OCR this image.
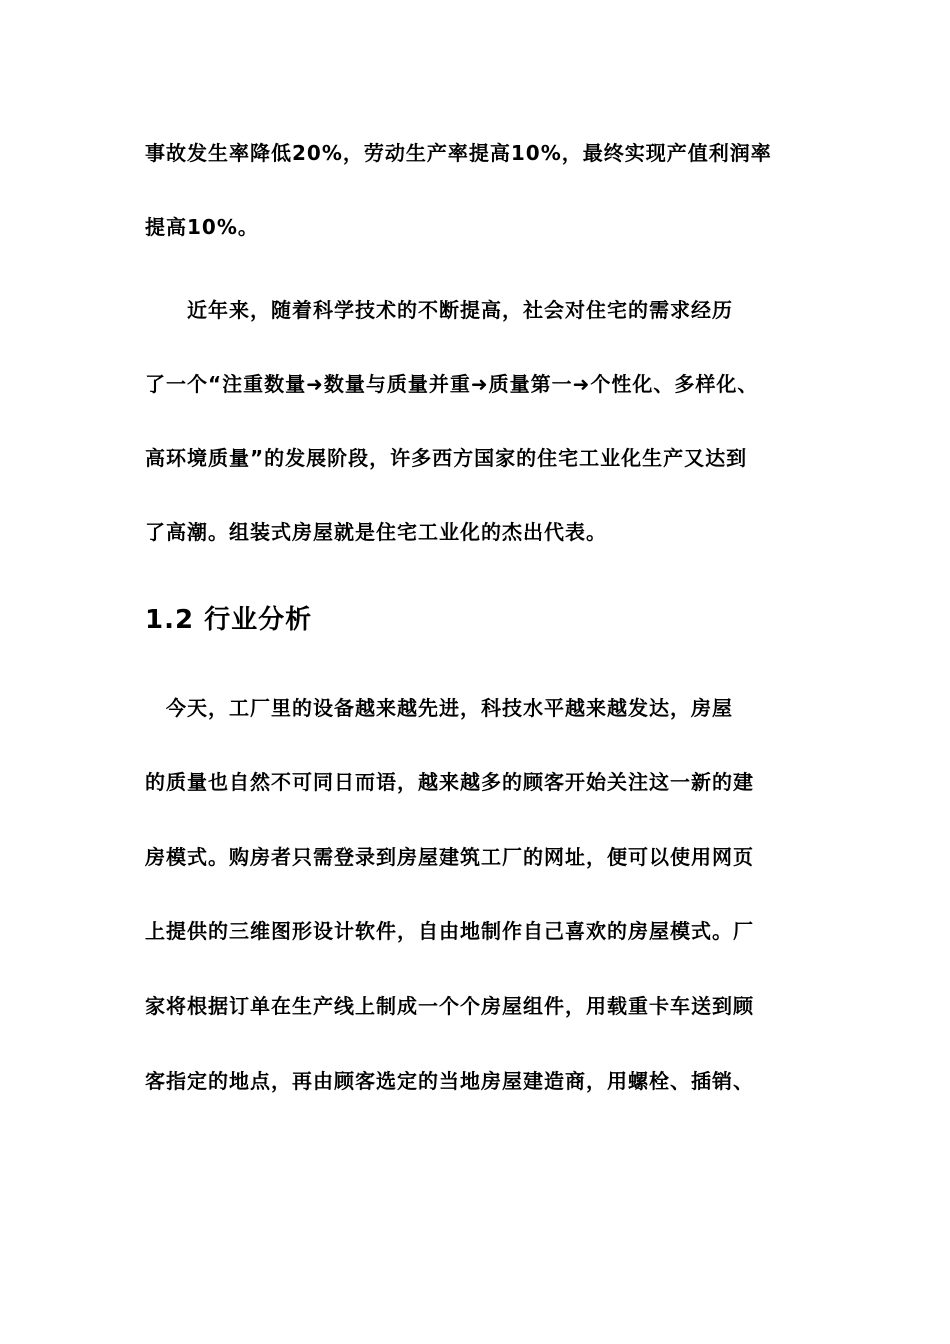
事故发生率降低20%，劳动生产率提高10%，最终实现产值利润率
提高10%。
　　近年来，随着科学技术的不断提高，社会对住宅的需求经历
了一个“注重数量➜数量与质量并重➜质量第一➜个性化、多样化、
高环境质量”的发展阶段，许多西方国家的住宅工业化生产又达到
了高潮。组装式房屋就是住宅工业化的杰出代表。
1.2 行业分析
　今天，工厂里的设备越来越先进，科技水平越来越发达，房屋
的质量也自然不可同日而语，越来越多的顾客开始关注这一新的建
房模式。购房者只需登录到房屋建筑工厂的网址，便可以使用网页
上提供的三维图形设计软件，自由地制作自己喜欢的房屋模式。厂
家将根据订单在生产线上制成一个个房屋组件，用载重卡车送到顾
客指定的地点，再由顾客选定的当地房屋建造商，用螺栓、插销、
